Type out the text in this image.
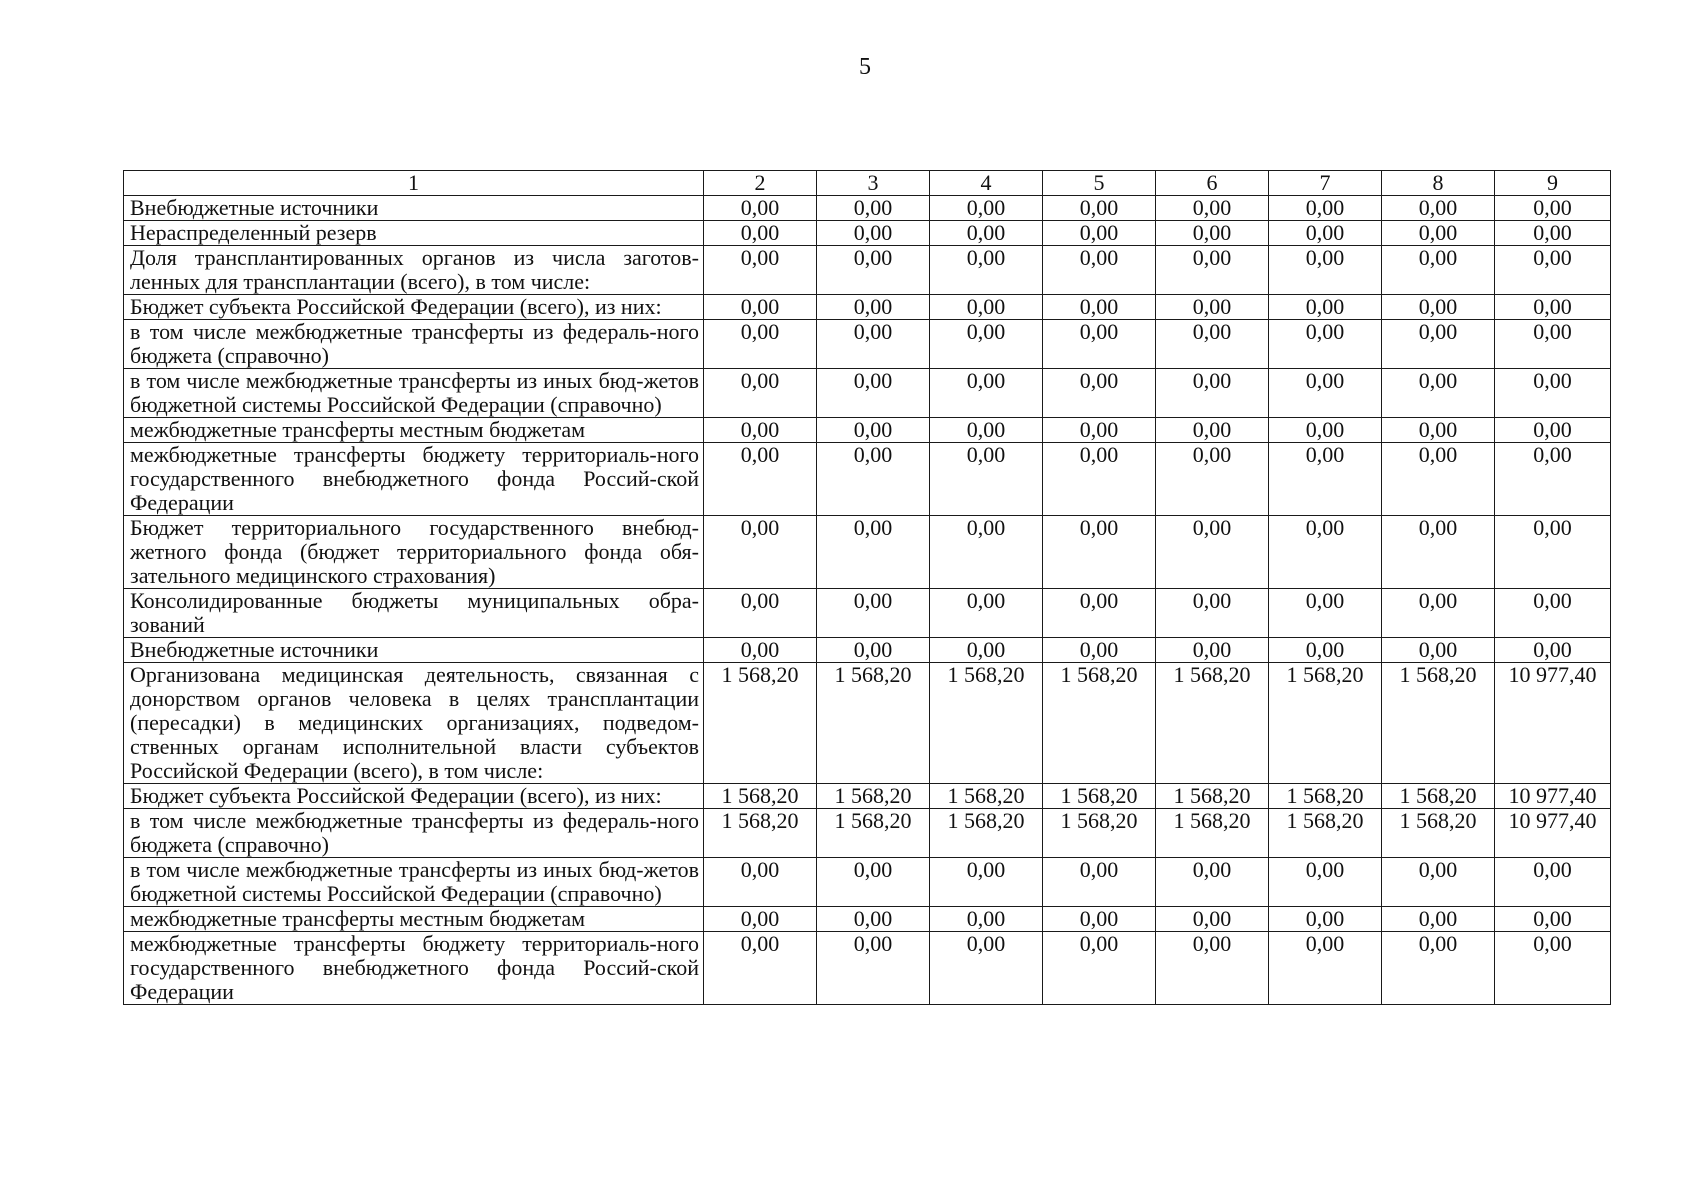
5
1	2	3	4	5	6	7	8	9
Внебюджетные источники	0,00	0,00	0,00	0,00	0,00	0,00	0,00	0,00
Нераспределенный резерв	0,00	0,00	0,00	0,00	0,00	0,00	0,00	0,00
Доля трансплантированных органов из числа заготов-ленных для трансплантации (всего), в том числе:	0,00	0,00	0,00	0,00	0,00	0,00	0,00	0,00
Бюджет субъекта Российской Федерации (всего), из них:	0,00	0,00	0,00	0,00	0,00	0,00	0,00	0,00
в том числе межбюджетные трансферты из федераль-ного бюджета (справочно)	0,00	0,00	0,00	0,00	0,00	0,00	0,00	0,00
в том числе межбюджетные трансферты из иных бюд-жетов бюджетной системы Российской Федерации (справочно)	0,00	0,00	0,00	0,00	0,00	0,00	0,00	0,00
межбюджетные трансферты местным бюджетам	0,00	0,00	0,00	0,00	0,00	0,00	0,00	0,00
межбюджетные трансферты бюджету территориаль-ного государственного внебюджетного фонда Россий-ской Федерации	0,00	0,00	0,00	0,00	0,00	0,00	0,00	0,00
Бюджет территориального государственного внебюд-жетного фонда (бюджет территориального фонда обя-зательного медицинского страхования)	0,00	0,00	0,00	0,00	0,00	0,00	0,00	0,00
Консолидированные бюджеты муниципальных обра-зований	0,00	0,00	0,00	0,00	0,00	0,00	0,00	0,00
Внебюджетные источники	0,00	0,00	0,00	0,00	0,00	0,00	0,00	0,00
Организована медицинская деятельность, связанная с донорством органов человека в целях трансплантации (пересадки) в медицинских организациях, подведом-ственных органам исполнительной власти субъектов Российской Федерации (всего), в том числе:	1 568,20	1 568,20	1 568,20	1 568,20	1 568,20	1 568,20	1 568,20	10 977,40
Бюджет субъекта Российской Федерации (всего), из них:	1 568,20	1 568,20	1 568,20	1 568,20	1 568,20	1 568,20	1 568,20	10 977,40
в том числе межбюджетные трансферты из федераль-ного бюджета (справочно)	1 568,20	1 568,20	1 568,20	1 568,20	1 568,20	1 568,20	1 568,20	10 977,40
в том числе межбюджетные трансферты из иных бюд-жетов бюджетной системы Российской Федерации (справочно)	0,00	0,00	0,00	0,00	0,00	0,00	0,00	0,00
межбюджетные трансферты местным бюджетам	0,00	0,00	0,00	0,00	0,00	0,00	0,00	0,00
межбюджетные трансферты бюджету территориаль-ного государственного внебюджетного фонда Россий-ской Федерации	0,00	0,00	0,00	0,00	0,00	0,00	0,00	0,00
